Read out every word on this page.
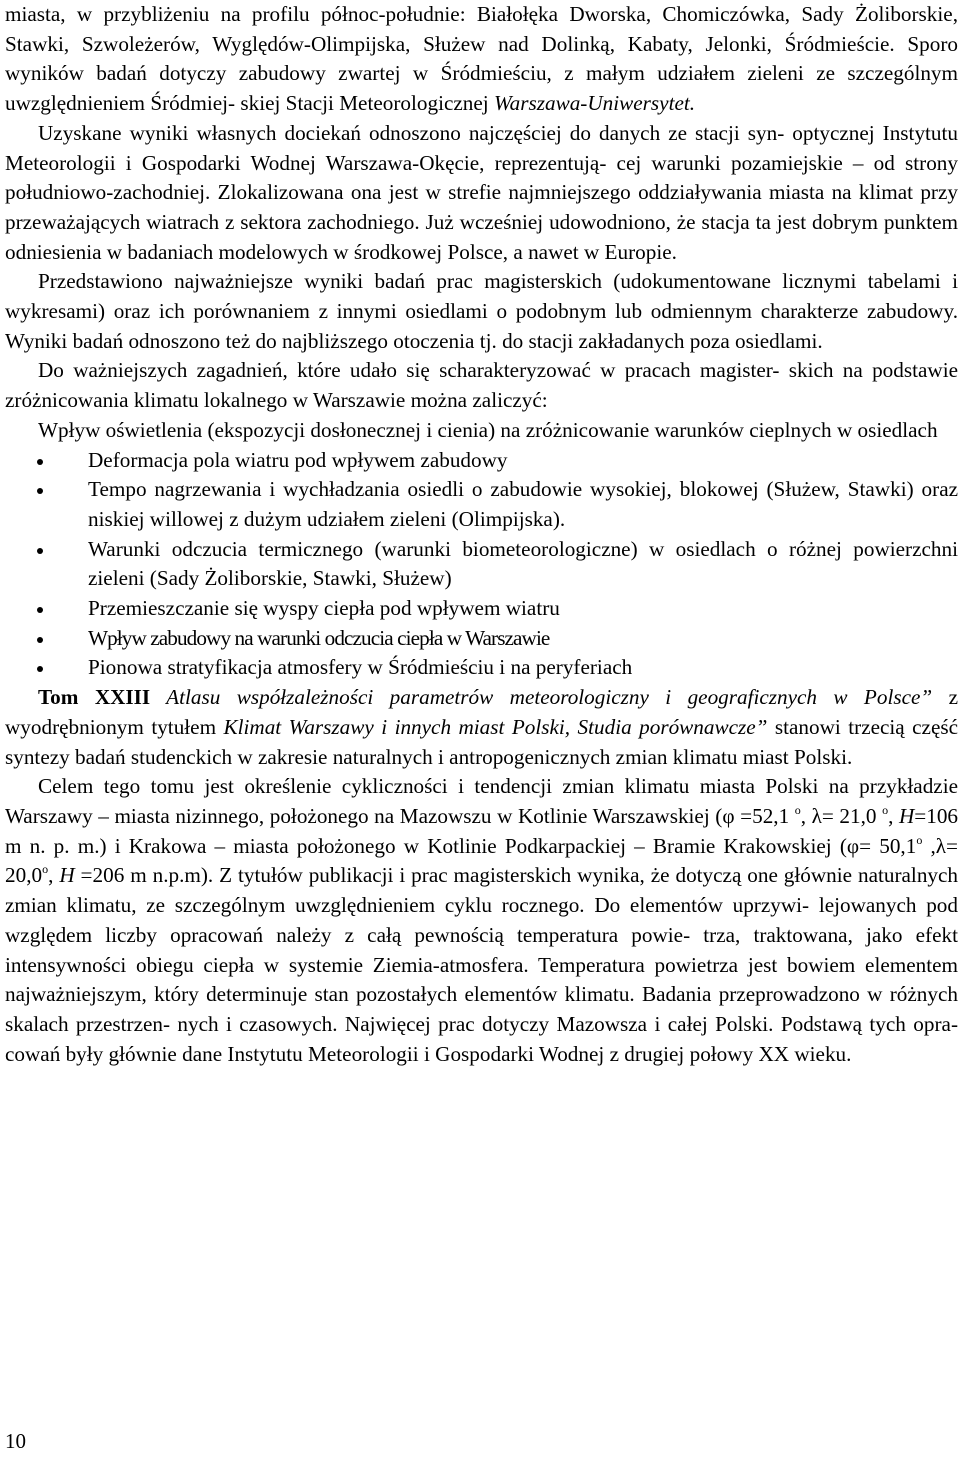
miasta, w przybliżeniu na profilu północ-południe: Białołęka Dworska, Chomiczówka, Sady Żoliborskie, Stawki, Szwoleżerów, Wyględów-Olimpijska, Służew nad Dolinką, Kabaty, Jelonki, Śródmieście. Sporo wyników badań dotyczy zabudowy zwartej w Śródmieściu, z małym udziałem zieleni ze szczególnym uwzględnieniem Śródmiej- skiej Stacji Meteorologicznej Warszawa-Uniwersytet.

Uzyskane wyniki własnych dociekań odnoszono najczęściej do danych ze stacji syn- optycznej Instytutu Meteorologii i Gospodarki Wodnej Warszawa-Okęcie, reprezentują- cej warunki pozamiejskie – od strony południowo-zachodniej. Zlokalizowana ona jest w strefie najmniejszego oddziaływania miasta na klimat przy przeważających wiatrach z sektora zachodniego. Już wcześniej udowodniono, że stacja ta jest dobrym punktem odniesienia w badaniach modelowych w środkowej Polsce, a nawet w Europie.

Przedstawiono najważniejsze wyniki badań prac magisterskich (udokumentowane licznymi tabelami i wykresami) oraz ich porównaniem z innymi osiedlami o podobnym lub odmiennym charakterze zabudowy. Wyniki badań odnoszono też do najbliższego otoczenia tj. do stacji zakładanych poza osiedlami.

Do ważniejszych zagadnień, które udało się scharakteryzować w pracach magister- skich na podstawie zróżnicowania klimatu lokalnego w Warszawie można zaliczyć:

Wpływ oświetlenia (ekspozycji dosłonecznej i cienia) na zróżnicowanie warunków cieplnych w osiedlach

Deformacja pola wiatru pod wpływem zabudowy
Tempo nagrzewania i wychładzania osiedli o zabudowie wysokiej, blokowej (Służew, Stawki) oraz niskiej willowej z dużym udziałem zieleni (Olimpijska).
Warunki odczucia termicznego (warunki biometeorologiczne) w osiedlach o różnej powierzchni zieleni (Sady Żoliborskie, Stawki, Służew)
Przemieszczanie się wyspy ciepła pod wpływem wiatru
Wpływ zabudowy na warunki odczucia ciepła w Warszawie
Pionowa stratyfikacja atmosfery w Śródmieściu i na peryferiach

Tom XXIII Atlasu współzależności parametrów meteorologiczny i geograficznych w Polsce” z wyodrębnionym tytułem Klimat Warszawy i innych miast Polski, Studia porównawcze” stanowi trzecią część syntezy badań studenckich w zakresie naturalnych i antropogenicznych zmian klimatu miast Polski.

Celem tego tomu jest określenie cykliczności i tendencji zmian klimatu miasta Polski na przykładzie Warszawy – miasta nizinnego, położonego na Mazowszu w Kotlinie Warszawskiej (φ =52,1 $^o$, λ= 21,0 $^o$, H=106 m n. p. m.) i Krakowa – miasta położonego w Kotlinie Podkarpackiej – Bramie Krakowskiej ($\varphi= 50,1^o$ $,\lambda= 20,0^o$, H =206 m n.p.m). Z tytułów publikacji i prac magisterskich wynika, że dotyczą one głównie naturalnych zmian klimatu, ze szczególnym uwzględnieniem cyklu rocznego. Do elementów uprzywi- lejowanych pod względem liczby opracowań należy z całą pewnością temperatura powie- trza, traktowana, jako efekt intensywności obiegu ciepła w systemie Ziemia-atmosfera. Temperatura powietrza jest bowiem elementem najważniejszym, który determinuje stan pozostałych elementów klimatu. Badania przeprowadzono w różnych skalach przestrzen- nych i czasowych. Najwięcej prac dotyczy Mazowsza i całej Polski. Podstawą tych opra- cowań były głównie dane Instytutu Meteorologii i Gospodarki Wodnej z drugiej połowy XX wieku.

10
